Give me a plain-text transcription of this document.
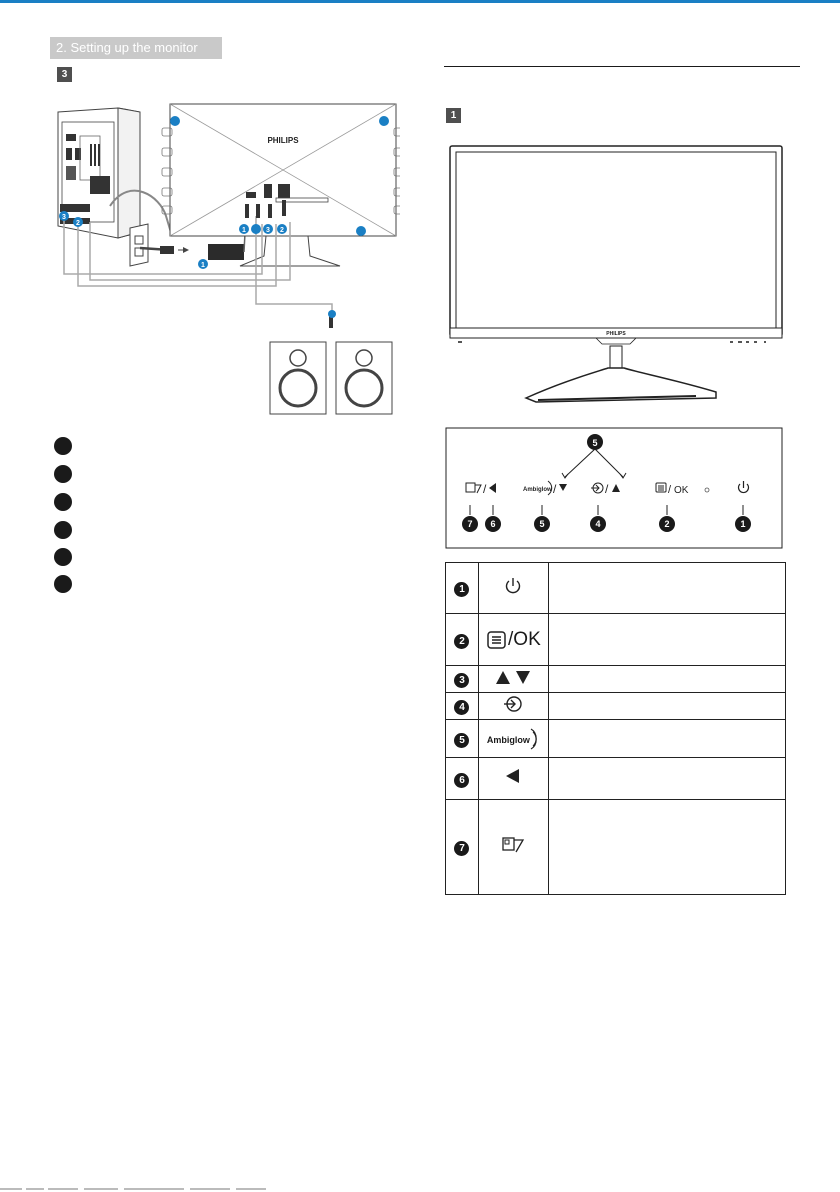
2. Setting up the monitor
3
1
PHILIPS
1	3 2
1
3
2
PHILIPS
5
/	Ambiglow /	/	/ OK
7 6	5	4	2	1
1		
2	/OK	
3		
4		
5	Ambiglow	
6		
7		
